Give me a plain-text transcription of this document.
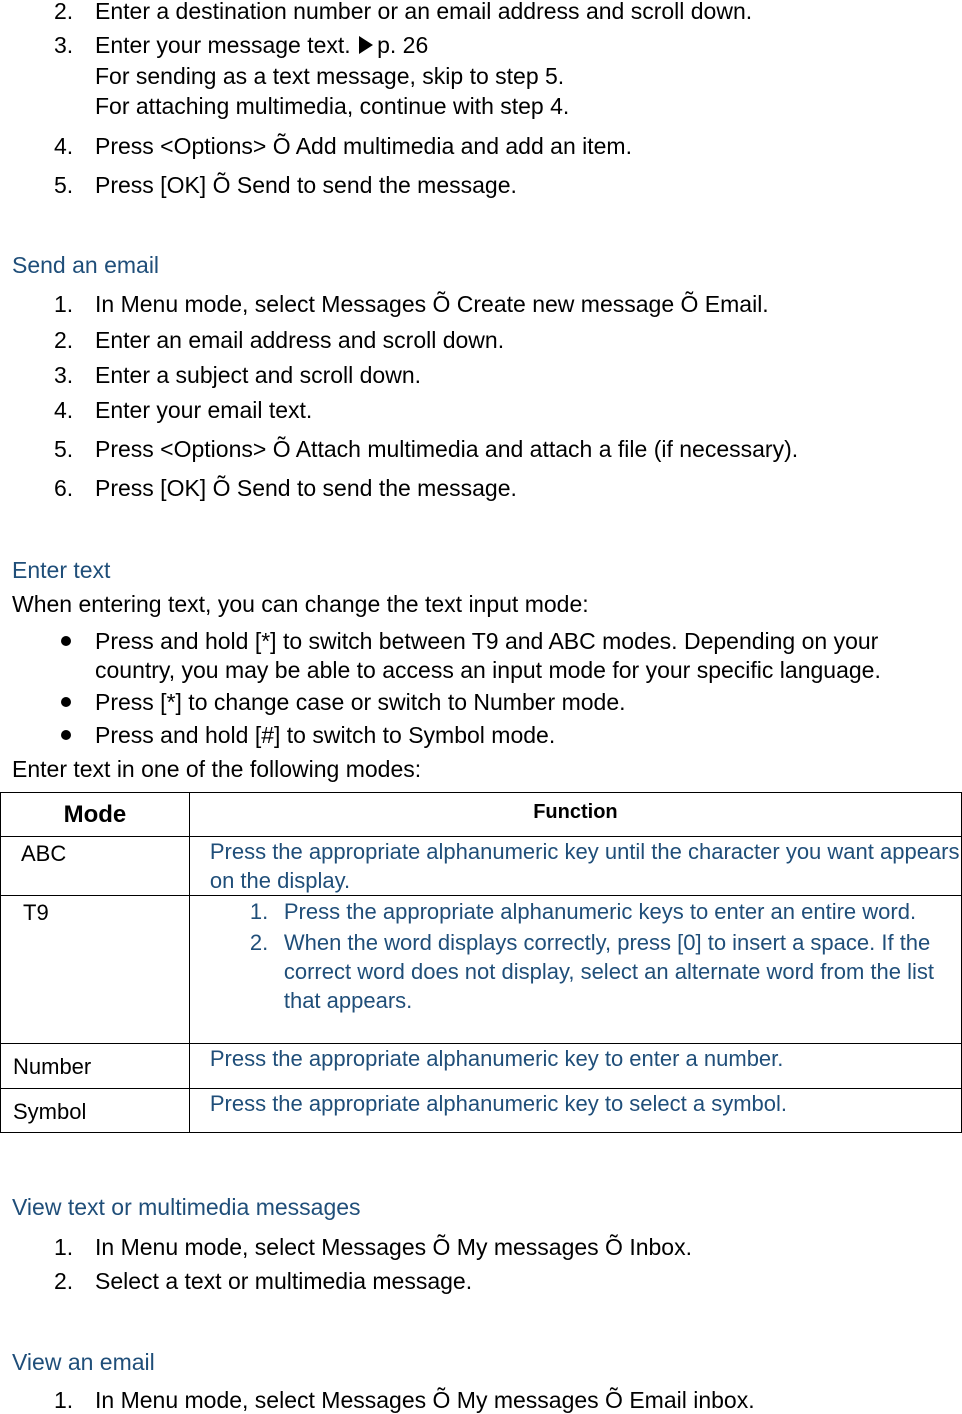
2. Enter a destination number or an email address and scroll down.
3. Enter your message text. p. 26
For sending as a text message, skip to step 5.
For attaching multimedia, continue with step 4.
4. Press <Options> Õ Add multimedia and add an item.
5. Press [OK] Õ Send to send the message.
Send an email
1. In Menu mode, select Messages Õ Create new message Õ Email.
2. Enter an email address and scroll down.
3. Enter a subject and scroll down.
4. Enter your email text.
5. Press <Options> Õ Attach multimedia and attach a file (if necessary).
6. Press [OK] Õ Send to send the message.
Enter text
When entering text, you can change the text input mode:
Press and hold [*] to switch between T9 and ABC modes. Depending on your
country, you may be able to access an input mode for your specific language.
Press [*] to change case or switch to Number mode.
Press and hold [#] to switch to Symbol mode.
Enter text in one of the following modes:
Mode	Function
ABC	Press the appropriate alphanumeric key until the character you want appears on the display.
T9	1. Press the appropriate alphanumeric keys to enter an entire word.
2. When the word displays correctly, press [0] to insert a space. If the correct word does not display, select an alternate word from the list that appears.

Number	Press the appropriate alphanumeric key to enter a number.
Symbol	Press the appropriate alphanumeric key to select a symbol.
View text or multimedia messages
1. In Menu mode, select Messages Õ My messages Õ Inbox.
2. Select a text or multimedia message.
View an email
1. In Menu mode, select Messages Õ My messages Õ Email inbox.
